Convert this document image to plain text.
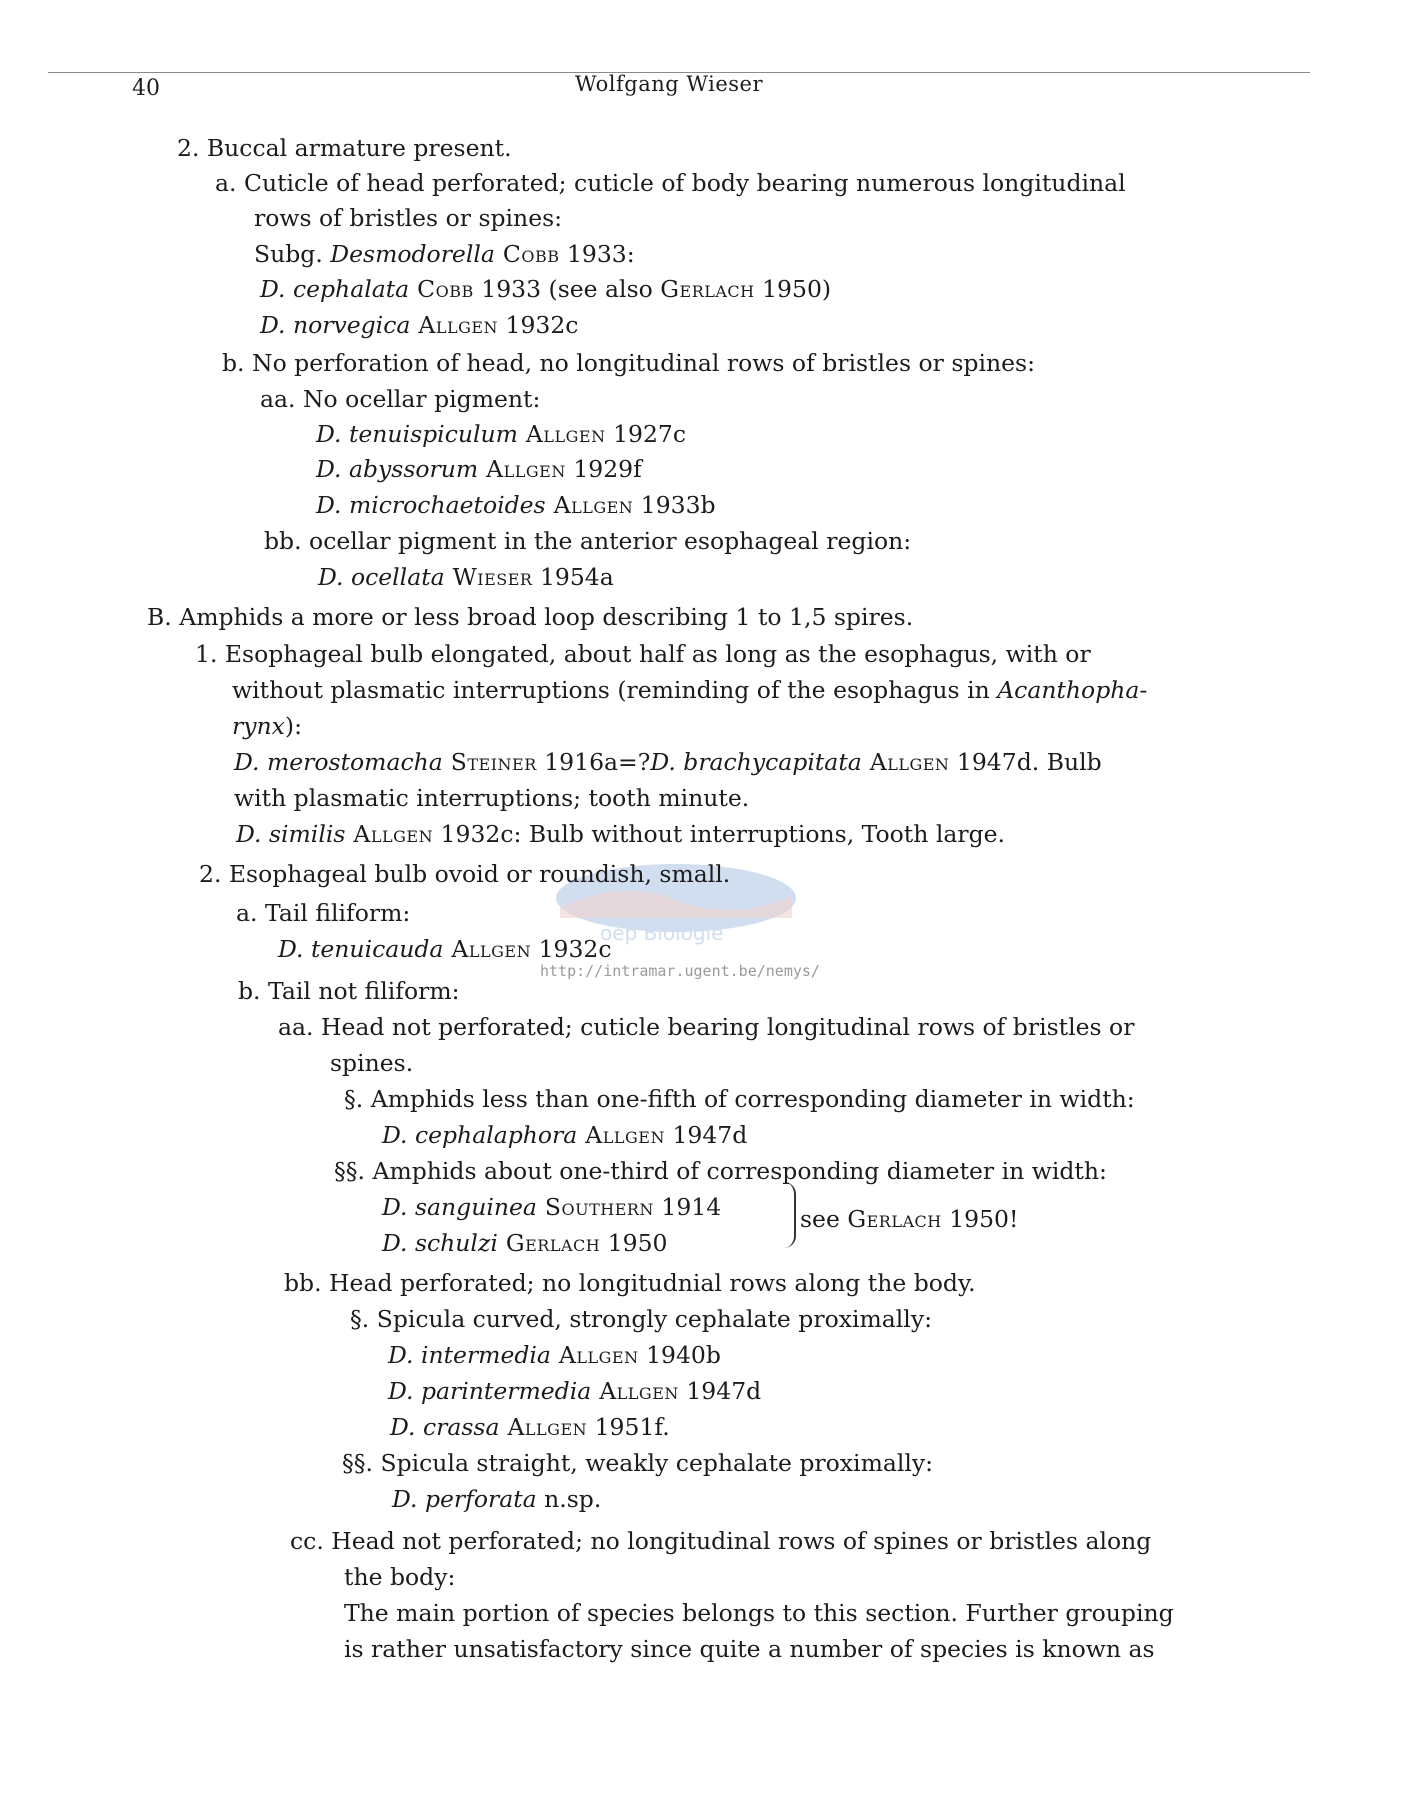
40	Wolfgang Wieser
oep Biologie
http://intramar.ugent.be/nemys/
2. Buccal armature present.
a. Cuticle of head perforated; cuticle of body bearing numerous longitudinal
rows of bristles or spines:
Subg. Desmodorella Cobb 1933:
D. cephalata Cobb 1933 (see also Gerlach 1950)
D. norvegica Allgen 1932c
b. No perforation of head, no longitudinal rows of bristles or spines:
aa. No ocellar pigment:
D. tenuispiculum Allgen 1927c
D. abyssorum Allgen 1929f
D. microchaetoides Allgen 1933b
bb. ocellar pigment in the anterior esophageal region:
D. ocellata Wieser 1954a
B. Amphids a more or less broad loop describing 1 to 1,5 spires.
1. Esophageal bulb elongated, about half as long as the esophagus, with or
without plasmatic interruptions (reminding of the esophagus in Acanthopha-
rynx):
D. merostomacha Steiner 1916a=?D. brachycapitata Allgen 1947d. Bulb
with plasmatic interruptions; tooth minute.
D. similis Allgen 1932c: Bulb without interruptions, Tooth large.
2. Esophageal bulb ovoid or roundish, small.
a. Tail filiform:
D. tenuicauda Allgen 1932c
b. Tail not filiform:
aa. Head not perforated; cuticle bearing longitudinal rows of bristles or
spines.
§. Amphids less than one-fifth of corresponding diameter in width:
D. cephalaphora Allgen 1947d
§§. Amphids about one-third of corresponding diameter in width:
D. sanguinea Southern 1914
D. schulzi Gerlach 1950
see Gerlach 1950!
bb. Head perforated; no longitudnial rows along the body.
§. Spicula curved, strongly cephalate proximally:
D. intermedia Allgen 1940b
D. parintermedia Allgen 1947d
D. crassa Allgen 1951f.
§§. Spicula straight, weakly cephalate proximally:
D. perforata n.sp.
cc. Head not perforated; no longitudinal rows of spines or bristles along
the body:
The main portion of species belongs to this section. Further grouping
is rather unsatisfactory since quite a number of species is known as
